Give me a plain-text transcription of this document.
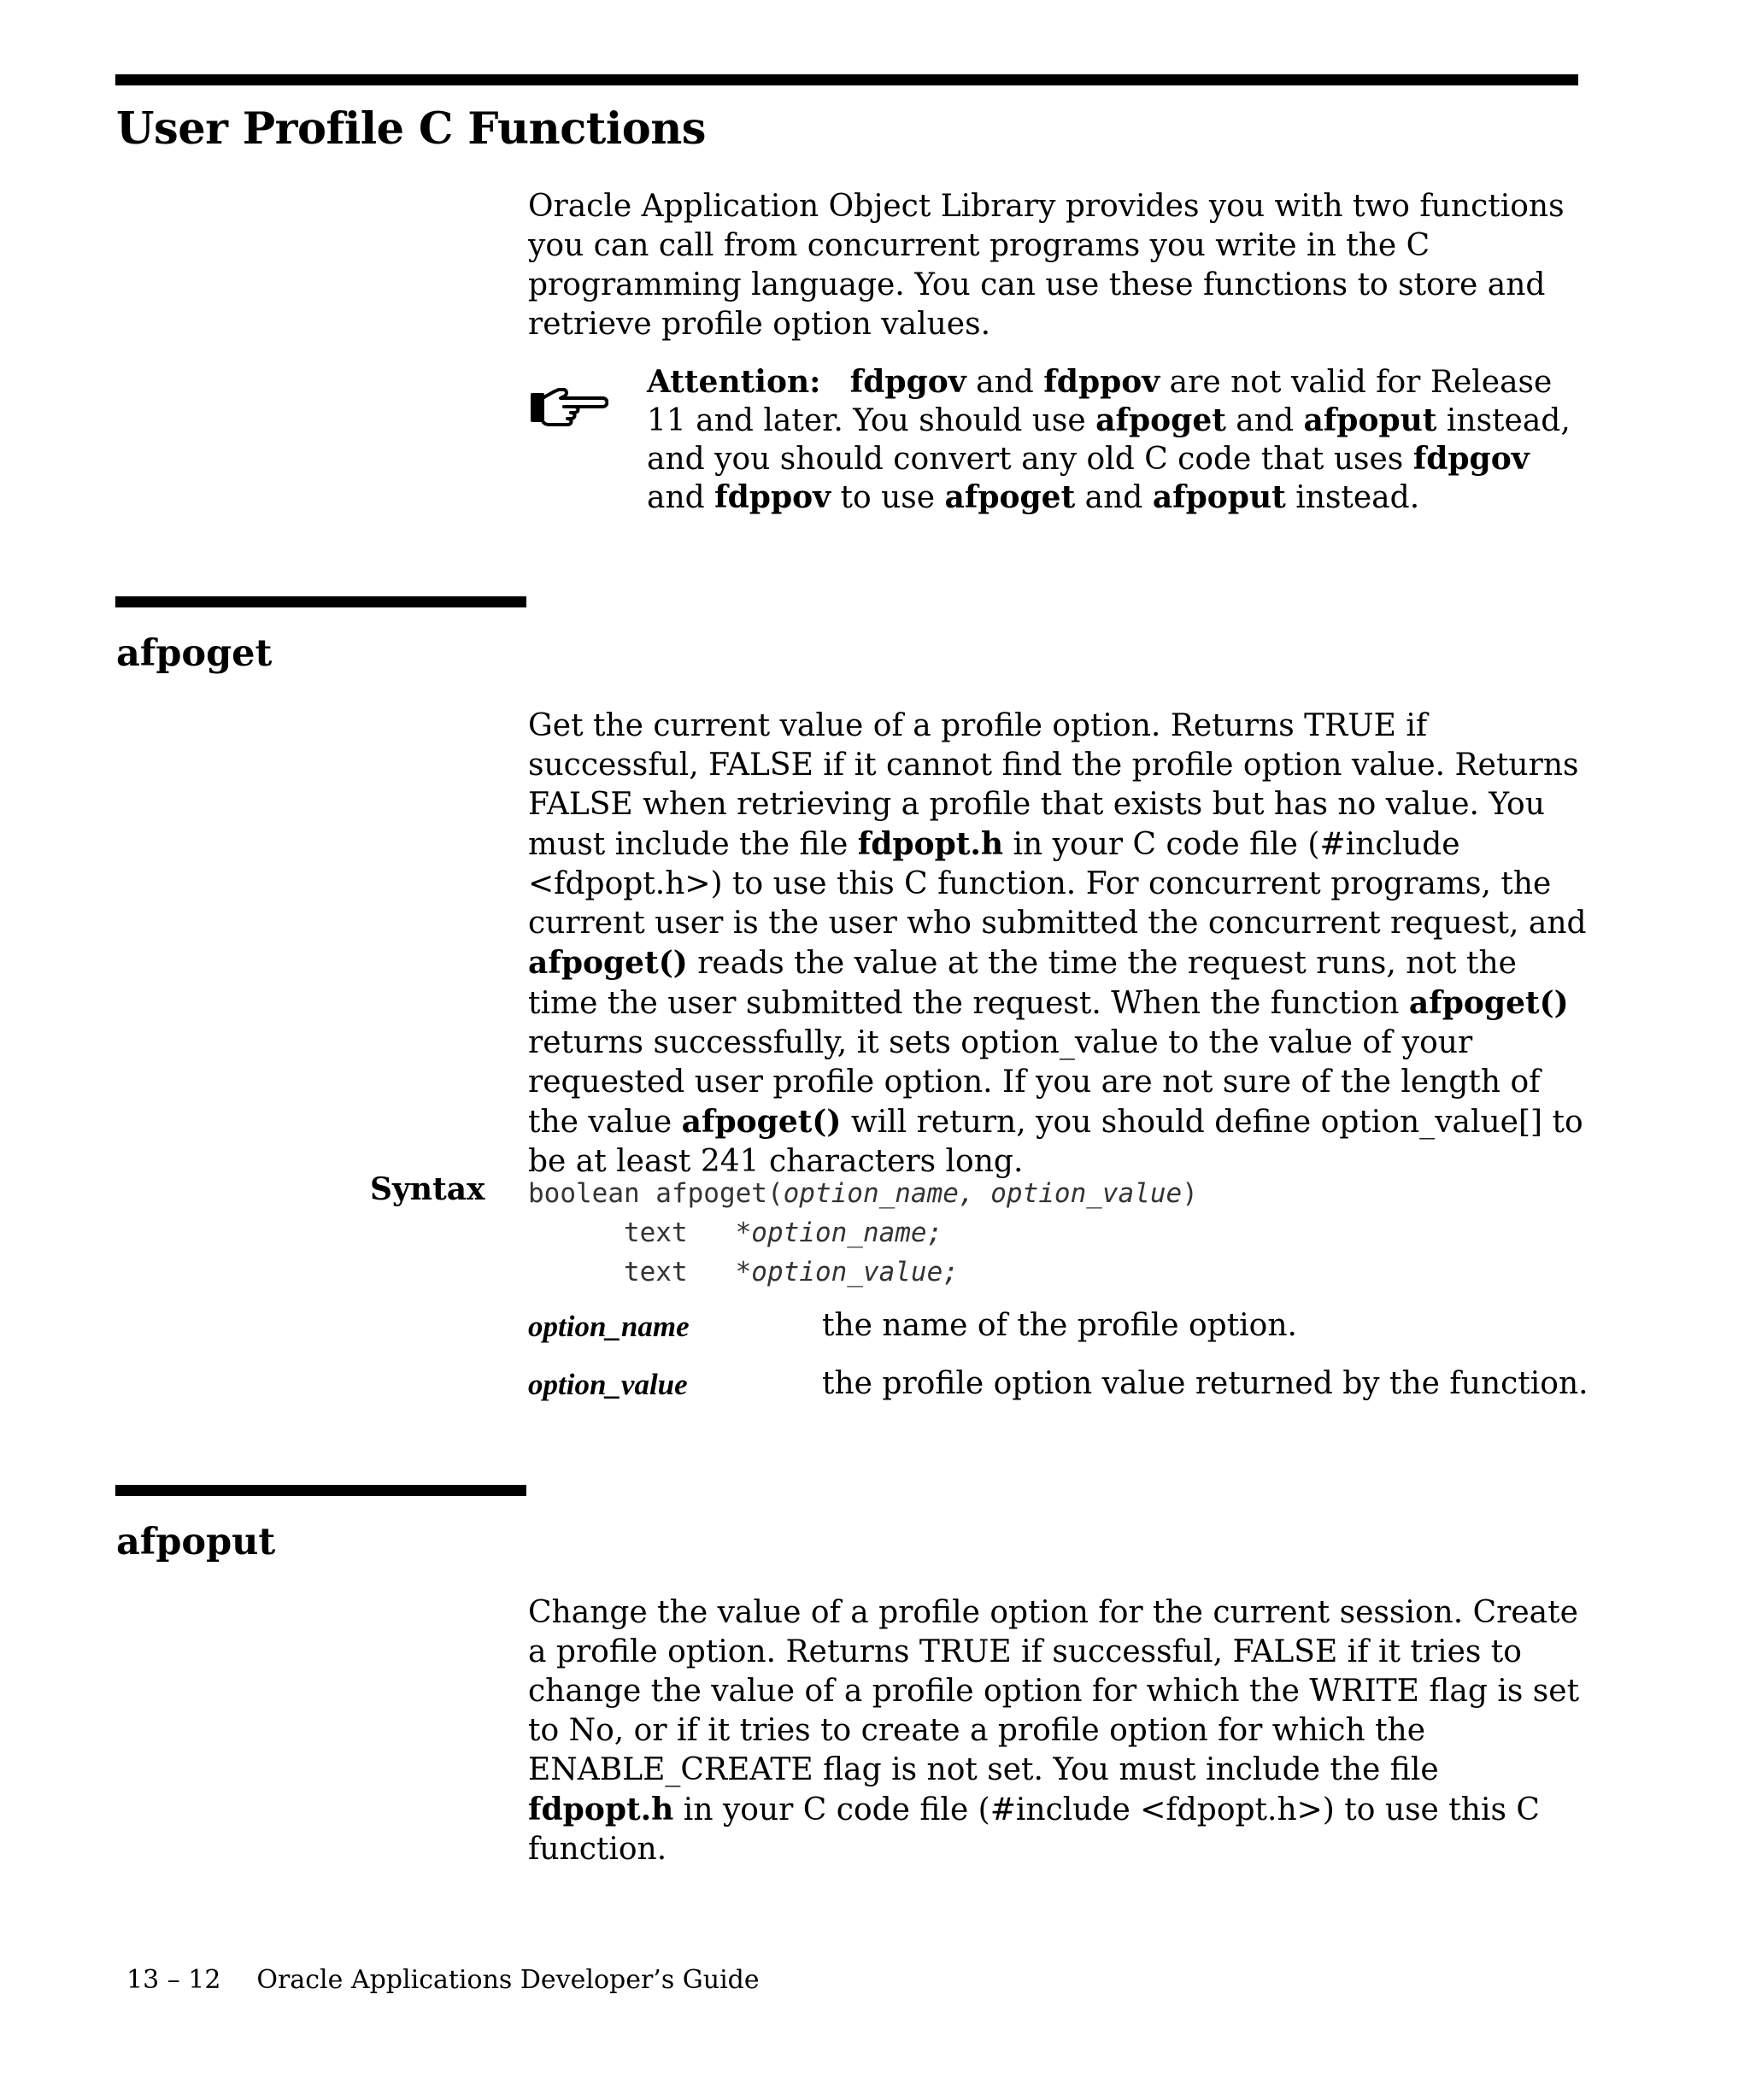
User Profile C Functions

Oracle Application Object Library provides you with two functions you can call from concurrent programs you write in the C programming language. You can use these functions to store and retrieve profile option values.

Attention: fdpgov and fdppov are not valid for Release 11 and later. You should use afpoget and afpoput instead, and you should convert any old C code that uses fdpgov and fdppov to use afpoget and afpoput instead.

afpoget

Get the current value of a profile option. Returns TRUE if successful, FALSE if it cannot find the profile option value. Returns FALSE when retrieving a profile that exists but has no value. You must include the file fdpopt.h in your C code file (#include <fdpopt.h>) to use this C function. For concurrent programs, the current user is the user who submitted the concurrent request, and afpoget() reads the value at the time the request runs, not the time the user submitted the request. When the function afpoget() returns successfully, it sets option_value to the value of your requested user profile option. If you are not sure of the length of the value afpoget() will return, you should define option_value[] to be at least 241 characters long.

Syntax boolean afpoget(option_name, option_value)
text   *option_name;
text   *option_value;
option_name	the name of the profile option.
option_value	the profile option value returned by the function.
afpoput

Change the value of a profile option for the current session. Create a profile option. Returns TRUE if successful, FALSE if it tries to change the value of a profile option for which the WRITE flag is set to No, or if it tries to create a profile option for which the ENABLE_CREATE flag is not set. You must include the file fdpopt.h in your C code file (#include <fdpopt.h>) to use this C function.

13 – 12 Oracle Applications Developer’s Guide
